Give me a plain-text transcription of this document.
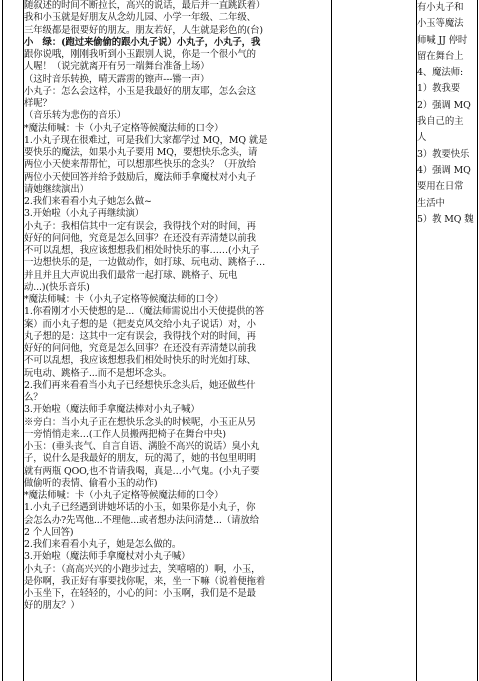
随叙述的时间不断拉长，高兴的说话，最后并一直跳跃着）

我和小玉就是好朋友从念幼儿园、小学一年级、二年级、

三年级都是很要好的朋友。朋友若好，人生就是彩色的(台)

小　绿：(跑过来偷偷的跟小丸子说）小丸子，小丸子，我

跟你说哦，刚刚我听到小玉跟别人说，你是一个很小气的

人喔！（说完就离开有另一端舞台准备上场）

（这时音乐转换，晴天霹雳的镲声---锵一声）

小丸子：怎么会这样，小玉是我最好的朋友耶，怎么会这

样呢？

（音乐转为悲伤的音乐）

*魔法师喊：卡（小丸子定格等候魔法师的口令）

1.小丸子现在很难过，可是我们大家都学过 MQ，MQ 就是

要快乐的魔法，如果小丸子要用 MQ，要想快乐念头，请

两位小天使来帮帮忙，可以想那些快乐的念头？（开放给

两位小天使回答并给予鼓励后，魔法师手拿魔杖对小丸子

请她继续演出）

2.我们来看看小丸子她怎么做~

3.开始啦（小丸子再继续演）

小丸子：我相信其中一定有误会，我得找个对的时间，再

好好的问问他，究竟是怎么回事？在还没有弄清楚以前我

不可以乱想，我应该想想我们相处时快乐的事……(小丸子

一边想快乐的是，一边做动作，如打球、玩电动、跳格子…

并且并且大声说出我们最常一起打球、跳格子、玩电

动...)(快乐音乐)

*魔法师喊：卡（小丸子定格等候魔法师的口令）

1.你看刚才小天使想的是...（魔法师需说出小天使提供的答

案）而小丸子想的是（把麦克风交给小丸子说话）对，小

丸子想的是：这其中一定有误会，我得找个对的时间，再

好好的问问他，究竟是怎么回事？在还没有弄清楚以前我

不可以乱想，我应该想想我们相处时快乐的时光如打球、

玩电动、跳格子...而不是想坏念头。

2.我们再来看看当小丸子已经想快乐念头后，她还做些什

么？

3.开始啦（魔法师手拿魔法棒对小丸子喊）

※旁白：当小丸子正在想快乐念头的时候呢，小玉正从另

一旁悄悄走来…(工作人员搬两把椅子在舞台中央)

小玉：(垂头丧气、自言自语、满脸不高兴的说话）臭小丸

子，说什么是我最好的朋友，玩的渴了，她的书包里明明

就有两瓶 QOO,也不肯请我喝，真是…小气鬼。(小丸子要

做偷听的表情、偷看小玉的动作)

*魔法师喊：卡（小丸子定格等候魔法师的口令）

1.小丸子已经遇到讲她坏话的小玉，如果你是小丸子，你

会怎么办?先骂他...不理他...或者想办法问清楚...（请放给

2 个人回答)

2.我们来看看小丸子，她是怎么做的。

3.开始啦（魔法师手拿魔杖对小丸子喊）

小丸子：（高高兴兴的小跑步过去，笑嘻嘻的）啊，小玉，

是你啊，我正好有事要找你呢，来，坐一下嘛（说着便拖着

小玉坐下，在轻轻的，小心的问：小玉啊，我们是不是最

好的朋友？）

有小丸子和

小玉等魔法

师喊 JJ 停时

留在舞台上

4、魔法师:

1）教我要

2）强调 MQ

我自己的主

人

3）教要快乐

4）强调 MQ

要用在日常

生活中

5）教 MQ 魏
